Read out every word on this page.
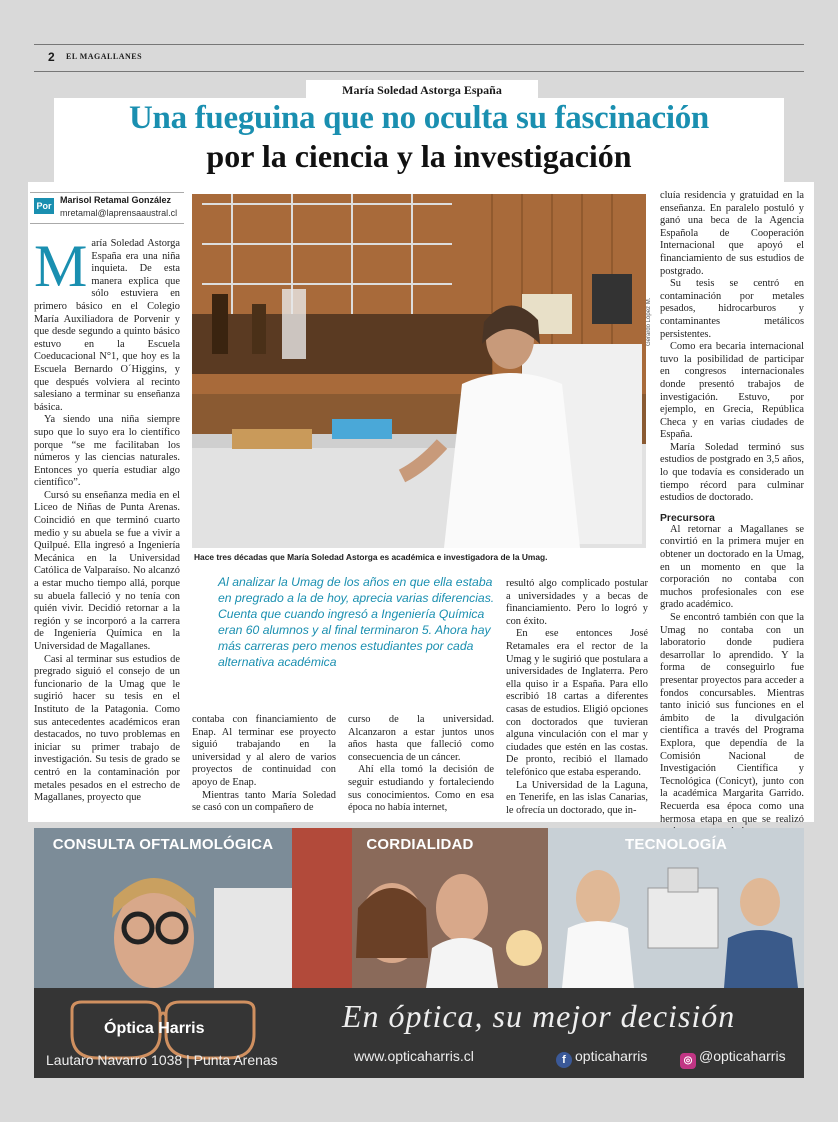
2 EL MAGALLANES
María Soledad Astorga España
Una fueguina que no oculta su fascinación
por la ciencia y la investigación
Por
Marisol Retamal González
mretamal@laprensaaustral.cl

María Soledad Astorga España era una niña inquieta. De esta manera explica que sólo estuviera en primero básico en el Colegio María Auxiliadora de Porvenir y que desde segundo a quinto básico estuvo en la Escuela Coeducacional N°1, que hoy es la Escuela Bernardo O´Higgins, y que después volviera al recinto salesiano a terminar su enseñanza básica.

Ya siendo una niña siempre supo que lo suyo era lo científico porque “se me facilitaban los números y las ciencias naturales. Entonces yo quería estudiar algo científico”.

Cursó su enseñanza media en el Liceo de Niñas de Punta Arenas. Coincidió en que terminó cuarto medio y su abuela se fue a vivir a Quilpué. Ella ingresó a Ingeniería Mecánica en la Universidad Católica de Valparaíso. No alcanzó a estar mucho tiempo allá, porque su abuela falleció y no tenía con quién vivir. Decidió retornar a la región y se incorporó a la carrera de Ingeniería Química en la Universidad de Magallanes.

Casi al terminar sus estudios de pregrado siguió el consejo de un funcionario de la Umag que le sugirió hacer su tesis en el Instituto de la Patagonia. Como sus antecedentes académicos eran destacados, no tuvo problemas en iniciar su primer trabajo de investigación. Su tesis de grado se centró en la contaminación por metales pesados en el estrecho de Magallanes, proyecto que

Gerardo López M.
Hace tres décadas que María Soledad Astorga es académica e investigadora de la Umag.
Al analizar la Umag de los años en que ella estaba en pregrado a la de hoy, aprecia varias diferencias. Cuenta que cuando ingresó a Ingeniería Química eran 60 alumnos y al final terminaron 5. Ahora hay más carreras pero menos estudiantes por cada alternativa académica

contaba con financiamiento de Enap. Al terminar ese proyecto siguió trabajando en la universidad y al alero de varios proyectos de continuidad con apoyo de Enap.

Mientras tanto María Soledad se casó con un compañero de

curso de la universidad. Alcanzaron a estar juntos unos años hasta que falleció como consecuencia de un cáncer.

Ahí ella tomó la decisión de seguir estudiando y fortaleciendo sus conocimientos. Como en esa época no había internet,

resultó algo complicado postular a universidades y a becas de financiamiento. Pero lo logró y con éxito.

En ese entonces José Retamales era el rector de la Umag y le sugirió que postulara a universidades de Inglaterra. Pero ella quiso ir a España. Para ello escribió 18 cartas a diferentes casas de estudios. Eligió opciones con doctorados que tuvieran alguna vinculación con el mar y ciudades que estén en las costas. De pronto, recibió el llamado telefónico que estaba esperando.

La Universidad de la Laguna, en Tenerife, en las islas Canarias, le ofrecía un doctorado, que in-

cluía residencia y gratuidad en la enseñanza. En paralelo postuló y ganó una beca de la Agencia Española de Cooperación Internacional que apoyó el financiamiento de sus estudios de postgrado.

Su tesis se centró en contaminación por metales pesados, hidrocarburos y contaminantes metálicos persistentes.

Como era becaria internacional tuvo la posibilidad de participar en congresos internacionales donde presentó trabajos de investigación. Estuvo, por ejemplo, en Grecia, República Checa y en varias ciudades de España.

María Soledad terminó sus estudios de postgrado en 3,5 años, lo que todavía es considerado un tiempo récord para culminar estudios de doctorado.

Precursora

Al retornar a Magallanes se convirtió en la primera mujer en obtener un doctorado en la Umag, en un momento en que la corporación no contaba con muchos profesionales con ese grado académico.

Se encontró también con que la Umag no contaba con un laboratorio donde pudiera desarrollar lo aprendido. Y la forma de conseguirlo fue presentar proyectos para acceder a fondos concursables. Mientras tanto inició sus funciones en el ámbito de la divulgación científica a través del Programa Explora, que dependía de la Comisión Nacional de Investigación Científica y Tecnológica (Conicyt), junto con la académica Margarita Garrido. Recuerda esa época como una hermosa etapa en que se realizó

CONSULTA OFTALMOLÓGICA	CORDIALIDAD	TECNOLOGÍA
Óptica Harris	En óptica, su mejor decisión
Lautaro Navarro 1038 | Punta Arenas	www.opticaharris.cl	f opticaharris	◎ @opticaharris
